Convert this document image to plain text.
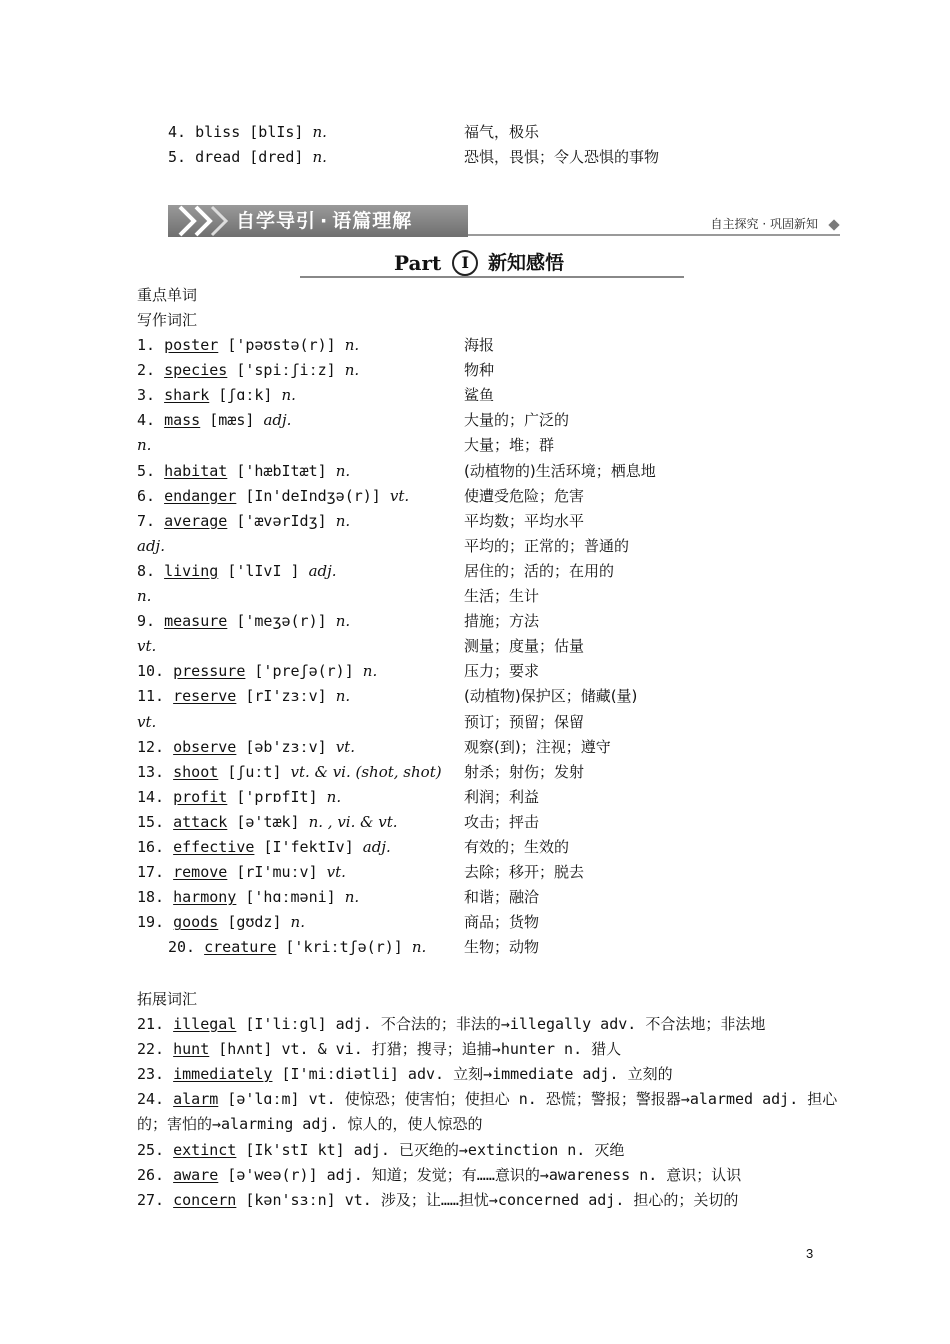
4. bliss [blIs] n.	福气，极乐
5. dread [dred] n.	恐惧，畏惧；令人恐惧的事物
自学导引 · 语篇理解	自主探究 · 巩固新知
Part I	新知感悟
重点单词
写作词汇
1. poster ['pəʊstə(r)] n.	海报
2. species ['spiːʃiːz] n.	物种
3. shark [ʃɑːk] n.	鲨鱼
4. mass [mæs] adj.	大量的；广泛的
n.	大量；堆；群
5. habitat ['hæbItæt] n.	(动植物的)生活环境；栖息地
6. endanger [In'deIndʒə(r)] vt.	使遭受危险；危害
7. average ['ævərIdʒ] n.	平均数；平均水平
adj.	平均的；正常的；普通的
8. living ['lIvI ] adj.	居住的；活的；在用的
n.	生活；生计
9. measure ['meʒə(r)] n.	措施；方法
vt.	测量；度量；估量
10. pressure ['preʃə(r)] n.	压力；要求
11. reserve [rI'zɜːv] n.	(动植物)保护区；储藏(量)
vt.	预订；预留；保留
12. observe [əb'zɜːv] vt.	观察(到)；注视；遵守
13. shoot [ʃuːt] vt. & vi. (shot, shot) 射杀；射伤；发射
14. profit ['prɒfIt] n.	利润；利益
15. attack [ə'tæk] n. , vi. & vt.	攻击；抨击
16. effective [I'fektIv] adj.	有效的；生效的
17. remove [rI'muːv] vt.	去除；移开；脱去
18. harmony ['hɑːməni] n.	和谐；融洽
19. goods [gʊdz] n.	商品；货物
20. creature ['kriːtʃə(r)] n.	生物；动物
拓展词汇
21. illegal [I'liːgl] adj. 不合法的；非法的→illegally adv. 不合法地；非法地
22. hunt [hʌnt] vt. & vi. 打猎；搜寻；追捕→hunter n. 猎人
23. immediately [I'miːdiətli] adv. 立刻→immediate adj. 立刻的
24. alarm [ə'lɑːm] vt. 使惊恐；使害怕；使担心 n. 恐慌；警报；警报器→alarmed adj. 担心
的；害怕的→alarming adj. 惊人的，使人惊恐的
25. extinct [Ik'stI kt] adj. 已灭绝的→extinction n. 灭绝
26. aware [ə'weə(r)] adj. 知道；发觉；有……意识的→awareness n. 意识；认识
27. concern [kən'sɜːn] vt. 涉及；让……担忧→concerned adj. 担心的；关切的
3
